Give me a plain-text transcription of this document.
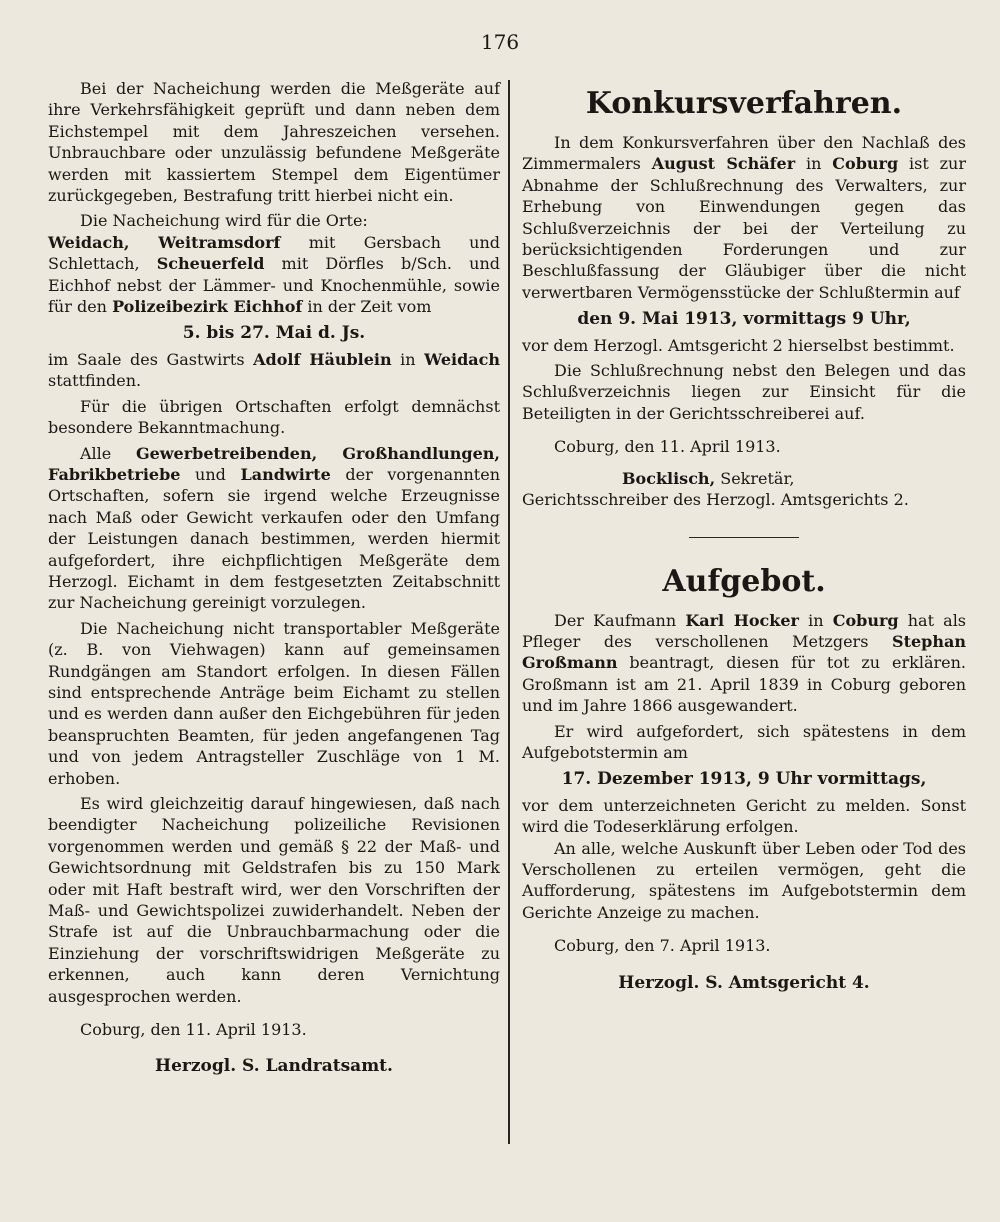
176

Bei der Nacheichung werden die Meßgeräte auf ihre Verkehrsfähigkeit geprüft und dann neben dem Eichstempel mit dem Jahreszeichen versehen. Unbrauchbare oder unzulässig befundene Meßgeräte werden mit kassiertem Stempel dem Eigentümer zurückgegeben, Bestrafung tritt hierbei nicht ein.

Die Nacheichung wird für die Orte:
Weidach, Weitramsdorf mit Gersbach und Schlettach, Scheuerfeld mit Dörfles b/Sch. und Eichhof nebst der Lämmer- und Knochenmühle, sowie für den Polizeibezirk Eichhof in der Zeit vom

5. bis 27. Mai d. Js.

im Saale des Gastwirts Adolf Häublein in Weidach stattfinden.

Für die übrigen Ortschaften erfolgt demnächst besondere Bekanntmachung.

Alle Gewerbetreibenden, Großhandlungen, Fabrikbetriebe und Landwirte der vorgenannten Ortschaften, sofern sie irgend welche Erzeugnisse nach Maß oder Gewicht verkaufen oder den Umfang der Leistungen danach bestimmen, werden hiermit aufgefordert, ihre eichpflichtigen Meßgeräte dem Herzogl. Eichamt in dem festgesetzten Zeitabschnitt zur Nacheichung gereinigt vorzulegen.

Die Nacheichung nicht transportabler Meßgeräte (z. B. von Viehwagen) kann auf gemeinsamen Rundgängen am Standort erfolgen. In diesen Fällen sind entsprechende Anträge beim Eichamt zu stellen und es werden dann außer den Eichgebühren für jeden beanspruchten Beamten, für jeden angefangenen Tag und von jedem Antragsteller Zuschläge von 1 M. erhoben.

Es wird gleichzeitig darauf hingewiesen, daß nach beendigter Nacheichung polizeiliche Revisionen vorgenommen werden und gemäß § 22 der Maß- und Gewichtsordnung mit Geldstrafen bis zu 150 Mark oder mit Haft bestraft wird, wer den Vorschriften der Maß- und Gewichtspolizei zuwiderhandelt. Neben der Strafe ist auf die Unbrauchbarmachung oder die Einziehung der vorschriftswidrigen Meßgeräte zu erkennen, auch kann deren Vernichtung ausgesprochen werden.

Coburg, den 11. April 1913.

Herzogl. S. Landratsamt.

Konkursverfahren.

In dem Konkursverfahren über den Nachlaß des Zimmermalers August Schäfer in Coburg ist zur Abnahme der Schlußrechnung des Verwalters, zur Erhebung von Einwendungen gegen das Schlußverzeichnis der bei der Verteilung zu berücksichtigenden Forderungen und zur Beschlußfassung der Gläubiger über die nicht verwertbaren Vermögensstücke der Schlußtermin auf

den 9. Mai 1913, vormittags 9 Uhr,

vor dem Herzogl. Amtsgericht 2 hierselbst bestimmt.

Die Schlußrechnung nebst den Belegen und das Schlußverzeichnis liegen zur Einsicht für die Beteiligten in der Gerichtsschreiberei auf.

Coburg, den 11. April 1913.

Bocklisch, Sekretär,
Gerichtsschreiber des Herzogl. Amtsgerichts 2.

Aufgebot.

Der Kaufmann Karl Hocker in Coburg hat als Pfleger des verschollenen Metzgers Stephan Großmann beantragt, diesen für tot zu erklären. Großmann ist am 21. April 1839 in Coburg geboren und im Jahre 1866 ausgewandert.

Er wird aufgefordert, sich spätestens in dem Aufgebotstermin am

17. Dezember 1913, 9 Uhr vormittags,

vor dem unterzeichneten Gericht zu melden. Sonst wird die Todeserklärung erfolgen.

An alle, welche Auskunft über Leben oder Tod des Verschollenen zu erteilen vermögen, geht die Aufforderung, spätestens im Aufgebotstermin dem Gerichte Anzeige zu machen.

Coburg, den 7. April 1913.

Herzogl. S. Amtsgericht 4.
